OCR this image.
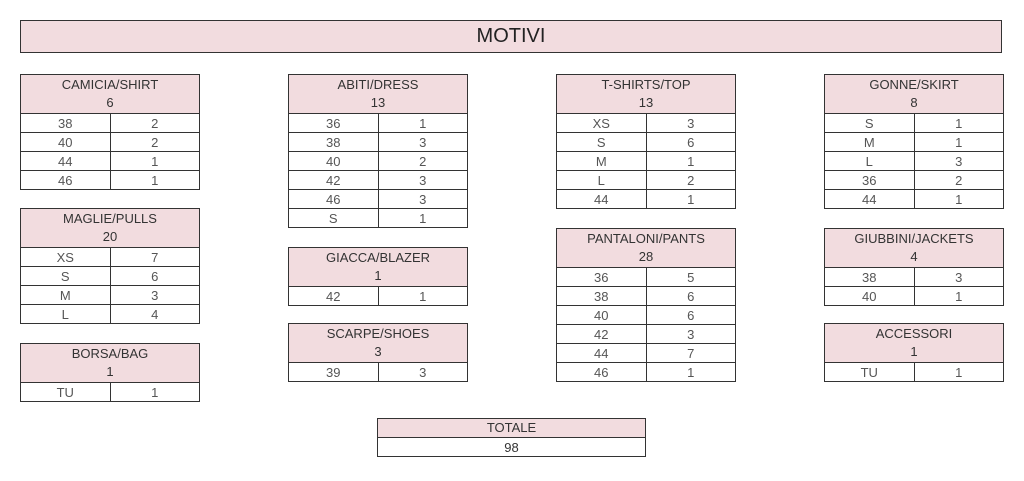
MOTIVI
CAMICIA/SHIRT
6
38	2
40	2
44	1
46	1
MAGLIE/PULLS
20
XS	7
S	6
M	3
L	4
BORSA/BAG
1
TU	1
ABITI/DRESS
13
36	1
38	3
40	2
42	3
46	3
S	1
GIACCA/BLAZER
1
42	1
SCARPE/SHOES
3
39	3
T-SHIRTS/TOP
13
XS	3
S	6
M	1
L	2
44	1
PANTALONI/PANTS
28
36	5
38	6
40	6
42	3
44	7
46	1
GONNE/SKIRT
8
S	1
M	1
L	3
36	2
44	1
GIUBBINI/JACKETS
4
38	3
40	1
ACCESSORI
1
TU	1
TOTALE
98
